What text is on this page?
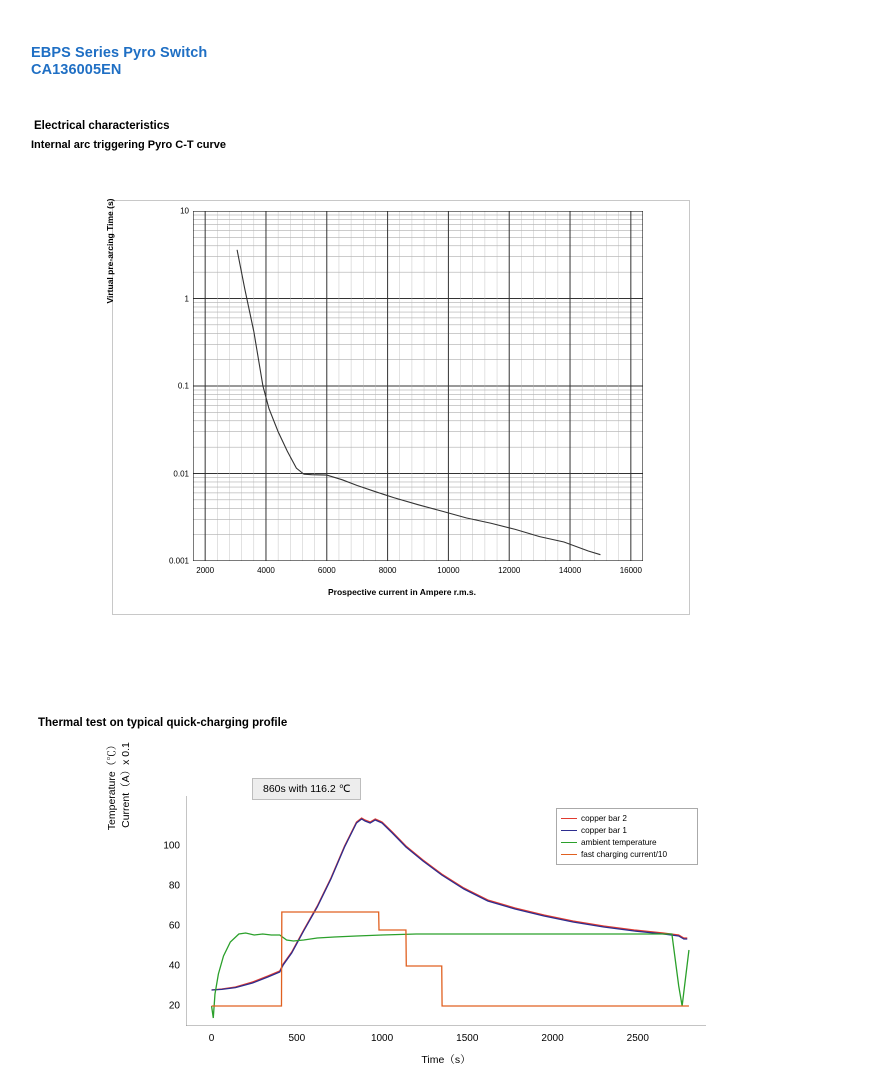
EBPS Series Pyro Switch
CA136005EN
Electrical characteristics
Internal arc triggering Pyro C-T curve
Virtual pre-arcing Time (s)
Prospective current in Ampere r.m.s.
0.001
0.01
0.1
1
10
2000	4000	6000	8000	10000	12000	14000	16000
Thermal test on typical quick-charging profile
Temperature（℃） Current（A）x 0.1
20
40
60
80
100
0	500	1000	1500	2000	2500
Time（s）
860s with 116.2 ℃
copper bar 2
copper bar 1
ambient temperature
fast charging current/10
